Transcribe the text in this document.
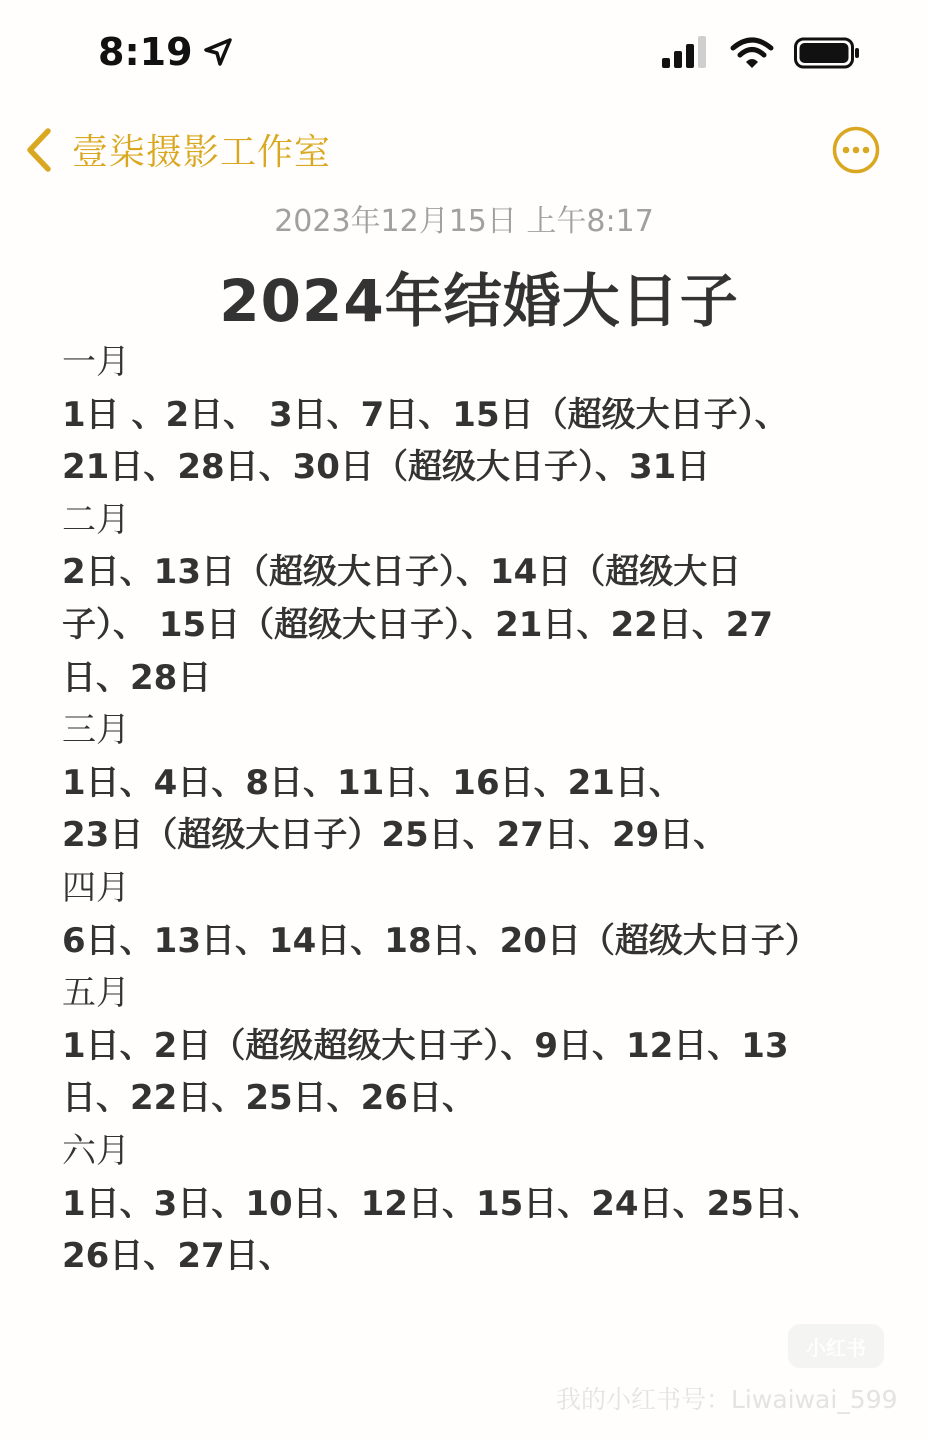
8:19
壹柒摄影工作室
2023年12月15日 上午8:17
2024年结婚大日子
一月
1日 、2日、 3日、7日、15日（超级大日子）、
21日、28日、30日（超级大日子）、31日
二月
2日、13日（超级大日子）、14日（超级大日
子）、 15日（超级大日子）、21日、22日、27
日、28日
三月
1日、4日、8日、11日、16日、21日、
23日（超级大日子）25日、27日、29日、
四月
6日、13日、14日、18日、20日（超级大日子）
五月
1日、2日（超级超级大日子）、9日、12日、13
日、22日、25日、26日、
六月
1日、3日、10日、12日、15日、24日、25日、
26日、27日、
小红书
我的小红书号：Liwaiwai_599
